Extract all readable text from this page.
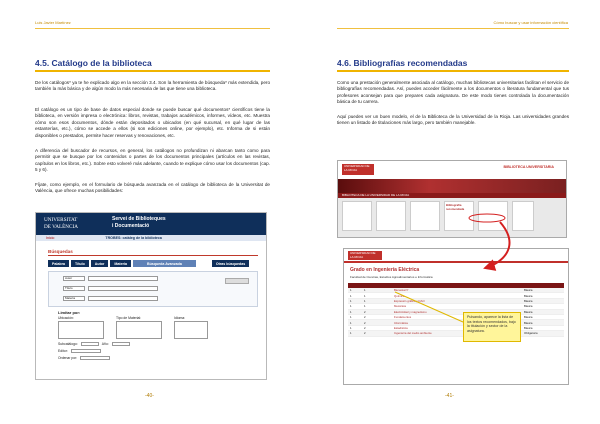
Luis Javier Martínez	Cómo buscar y usar información científica
4.5. Catálogo de la biblioteca
De los catálogos* ya te he explicado algo en la sección 3.4. Son la herramienta de búsqueda* más extendida, pero también la más básica y de algún modo la más necesaria de las que tiene una biblioteca.
El catálogo es un tipo de base de datos especial donde se puede buscar qué documentos* científicos tiene la biblioteca, en versión impresa o electrónica: libros, revistas, trabajos académicos, informes, vídeos, etc. Muestra cómo son esos documentos, dónde están depositados o ubicados (en qué sucursal, en qué lugar de las estanterías, etc.), cómo se accede a ellos (si son ediciones online, por ejemplo), etc. Informa de si están disponibles o prestados, permite hacer reservas y renovaciones, etc.
A diferencia del buscador de recursos, en general, los catálogos no profundizan ni abarcan tanto como para permitir que se busque por los contenidos o partes de los documentos principales (artículos en las revistas, capítulos en los libros, etc.). Sobre esto volveré más adelante, cuando te explique cómo usar los documentos (cap. 5 y 6).
Fíjate, como ejemplo, en el formulario de búsqueda avanzada en el catálogo de biblioteca de la Universitat de València, que ofrece muchas posibilidades:
UNIVERSITAT
DE VALÈNCIA
Servei de Biblioteques
i Documentació
Inicio	TROBES: catàleg de la biblioteca
Búsquedas
Palabra	Título	Autor	Materia	Búsqueda Avanzada	Otras búsquedas
Autor
Título
Materia
Limitar por:
Ubicación:	Tipo de Material:	Idioma:
Subcatálogo:	Año:
Editor:
Ordenar por:
-40-
4.6. Bibliografías recomendadas
Como una prestación generalmente asociada al catálogo, muchas bibliotecas universitarias facilitan el servicio de bibliografías recomendadas. Así, puedes acceder fácilmente a los documentos o literatura fundamental que tus profesores aconsejan para que prepares cada asignatura. De este modo tienes controlada la documentación básica de tu carrera.
Aquí puedes ver un buen modelo, el de la Biblioteca de la Universidad de la Rioja. Las universidades grandes tienen un listado de titulaciones más largo, pero también manejable.
UNIVERSIDAD DE LA RIOJA
BIBLIOTECA UNIVERSITARIA
BIBLIOTECA DE LA UNIVERSIDAD DE LA RIOJA
Bibliografía recomendada
UNIVERSIDAD DE LA RIOJA
Grado en Ingeniería Eléctrica
Facultad de Ciencias, Estudios Agroalimentarios e Informática
1	1	Bienestar/Y	Básica
1	1	Química	Básica
1	1	Expresión gráfica y DAO	Básica
1	1	Mecánica	Básica
1	2	Electricidad y magnetismo	Básica
1	2	Fundamentos	Básica
1	2	Informática	Básica
1	2	Estadística	Básica
1	2	Ingeniería del medio ambiente	Obligatoria
Pulsando, aparece la lista de los textos recomendados, bajo la titulación y sector de la asignatura.
-41-
